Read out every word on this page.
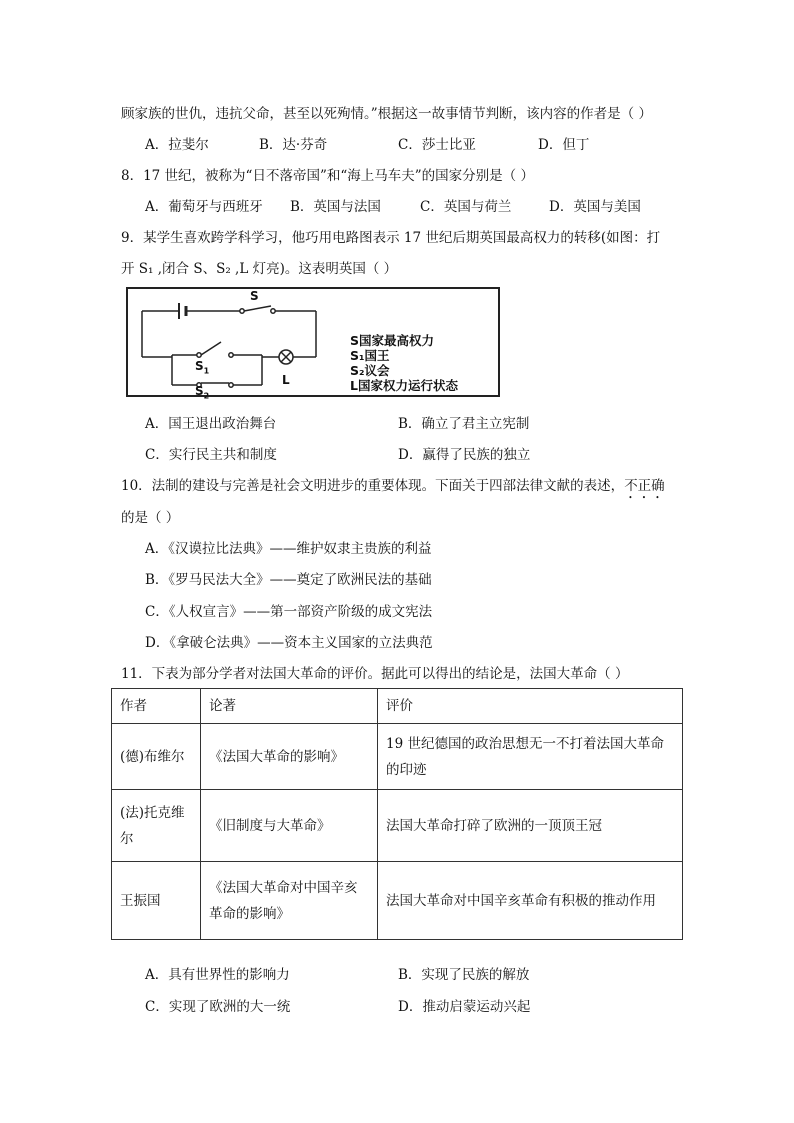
顾家族的世仇，违抗父命，甚至以死殉情。”根据这一故事情节判断，该内容的作者是（ ）
A．拉斐尔	B．达·芬奇	C．莎士比亚	D．但丁
8．17 世纪，被称为“日不落帝国”和“海上马车夫”的国家分别是（ ）
A．葡萄牙与西班牙 B．英国与法国	C．英国与荷兰	D．英国与美国
9．某学生喜欢跨学科学习，他巧用电路图表示 17 世纪后期英国最高权力的转移(如图：打
开 S₁ ,闭合 S、S₂ ,L 灯亮)。这表明英国（ ）
S
$S_1$
$S_2$
L
S国家最高权力
S₁国王
S₂议会
L国家权力运行状态
A．国王退出政治舞台	B．确立了君主立宪制
C．实行民主共和制度	D．赢得了民族的独立
10．法制的建设与完善是社会文明进步的重要体现。下面关于四部法律文献的表述，不正确
的是（ ）
A．《汉谟拉比法典》——维护奴隶主贵族的利益
B．《罗马民法大全》——奠定了欧洲民法的基础
C．《人权宣言》——第一部资产阶级的成文宪法
D．《拿破仑法典》——资本主义国家的立法典范
11．下表为部分学者对法国大革命的评价。据此可以得出的结论是，法国大革命（ ）
作者	论著	评价
(德)布维尔	《法国大革命的影响》	19 世纪德国的政治思想无一不打着法国大革命的印迹
(法)托克维尔	《旧制度与大革命》	法国大革命打碎了欧洲的一顶顶王冠
王振国	《法国大革命对中国辛亥革命的影响》	法国大革命对中国辛亥革命有积极的推动作用
A．具有世界性的影响力	B．实现了民族的解放
C．实现了欧洲的大一统	D．推动启蒙运动兴起
